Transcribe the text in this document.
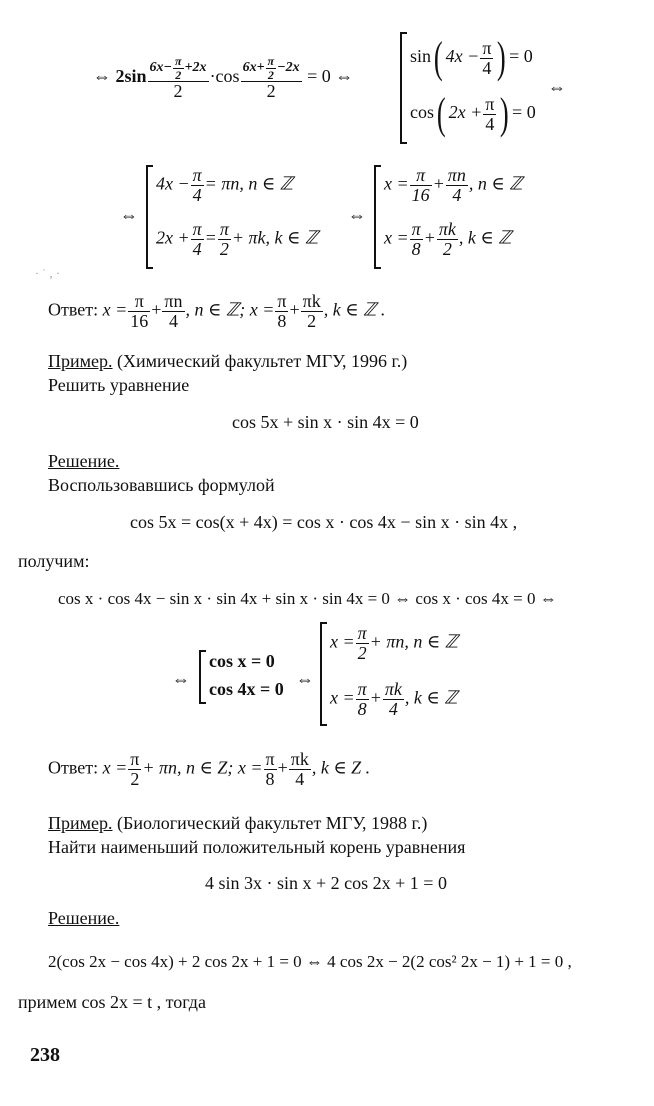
⇔ $2\sin \frac{6x- \frac{\pi}{2} +2x}{2} \cdot\cos \frac{6x+ \frac{\pi}{2} -2x}{2} = 0$ ⇔
sin( $4x - \frac{\pi}{4}$ ) = 0
cos( $2x + \frac{\pi}{4}$ ) = 0
⇔
⇔
$4x - \frac{\pi}{4} = \pi n$, n ∈ ℤ
$2x + \frac{\pi}{4} = \frac{\pi}{2} + \pi k$, k ∈ ℤ
⇔
$x = \frac{\pi}{16} + \frac{\pi n}{4}$ , n ∈ ℤ
$x = \frac{\pi}{8} + \frac{\pi k}{2}$ , k ∈ ℤ
· ˙ ‚ ·
Ответ: $x = \frac{\pi}{16} + \frac{\pi n}{4}$ , n ∈ ℤ; $x = \frac{\pi}{8} + \frac{\pi k}{2}$ , k ∈ ℤ .
Пример. (Химический факультет МГУ, 1996 г.)
Решить уравнение
cos 5x + sin x · sin 4x = 0
Решение.
Воспользовавшись формулой
cos 5x = cos(x + 4x) = cos x · cos 4x − sin x · sin 4x ,
получим:
cos x · cos 4x − sin x · sin 4x + sin x · sin 4x = 0 ⇔ cos x · cos 4x = 0 ⇔
⇔
cos x = 0
cos 4x = 0 ⇔
$x = \frac{\pi}{2} + \pi n$, n ∈ ℤ
$x = \frac{\pi}{8} + \frac{\pi k}{4}$ , k ∈ ℤ
Ответ: $x = \frac{\pi}{2} + \pi n$, n ∈ Z; $x = \frac{\pi}{8} + \frac{\pi k}{4}$ , k ∈ Z .
Пример. (Биологический факультет МГУ, 1988 г.)
Найти наименьший положительный корень уравнения
4 sin 3x · sin x + 2 cos 2x + 1 = 0
Решение.
2(cos 2x − cos 4x) + 2 cos 2x + 1 = 0 ⇔ 4 cos 2x − 2(2 cos² 2x − 1) + 1 = 0 ,
примем cos 2x = t , тогда
238
